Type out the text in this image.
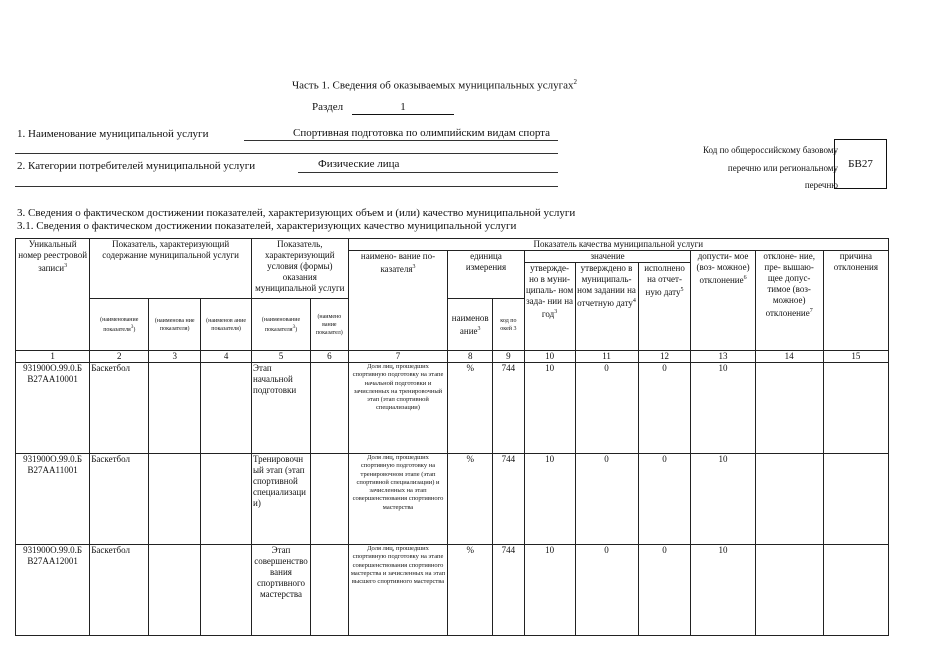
Часть 1. Сведения об оказываемых муниципальных услугах$^2$
Раздел	1
1. Наименование муниципальной услуги	Спортивная подготовка по олимпийским видам спорта
2. Категории потребителей муниципальной услуги	Физические лица
Код по общероссийскому базовому перечню или региональному перечню
БВ27
3. Сведения о фактическом достижении показателей, характеризующих объем и (или) качество муниципальной услуги
3.1. Сведения о фактическом достижении показателей, характеризующих качество муниципальной услуги
Уникальный номер реестровой записи$^3$	Показатель, характеризующий содержание муниципальной услуги			Показатель, характеризующий условия (формы) оказания муниципальной услуги		Показатель качества муниципальной услуги								
						наимено- вание по- казателя$^3$	единица измерения		значение			допусти- мое (воз- можное) отклонение$^6$	отклоне- ние, пре- вышаю- щее допус- тимое (воз- можное) отклонение$^7$	причина отклонения
									утвержде- но в муни- ципаль- ном зада- нии на год$^3$	утверждено в муниципаль- ном задании на отчетную дату$^4$	исполнено на отчет- ную дату$^5$
	(наименование показателя$^3$)	(наименова ние показателя)	(наименов ание показателя)	(наименование показателя$^3$)	(наимено вание показател)		наименов ание$^3$	код по окей 3						
1	2	3	4	5	6	7	8	9	10	11	12	13	14	15
931900О.99.0.Б В27АА10001	Баскетбол			Этап начальной подготовки		Доля лиц, прошедших спортивную подготовку на этапе начальной подготовки и зачисленных на тренировочный этап (этап спортивной специализации)	%	744	10	0	0	10		
931900О.99.0.Б В27АА11001	Баскетбол			Тренировочн ый этап (этап спортивной специализаци и)		Доля лиц, прошедших спортивную подготовку на тренировочном этапе (этап спортивной специализации) и зачисленных на этап совершенствования спортивного мастерства	%	744	10	0	0	10		
931900О.99.0.Б В27АА12001	Баскетбол			Этап совершенство вания спортивного мастерства		Доля лиц, прошедших спортивную подготовку на этапе совершенствования спортивного мастерства и зачисленных на этап высшего спортивного мастерства	%	744	10	0	0	10		
